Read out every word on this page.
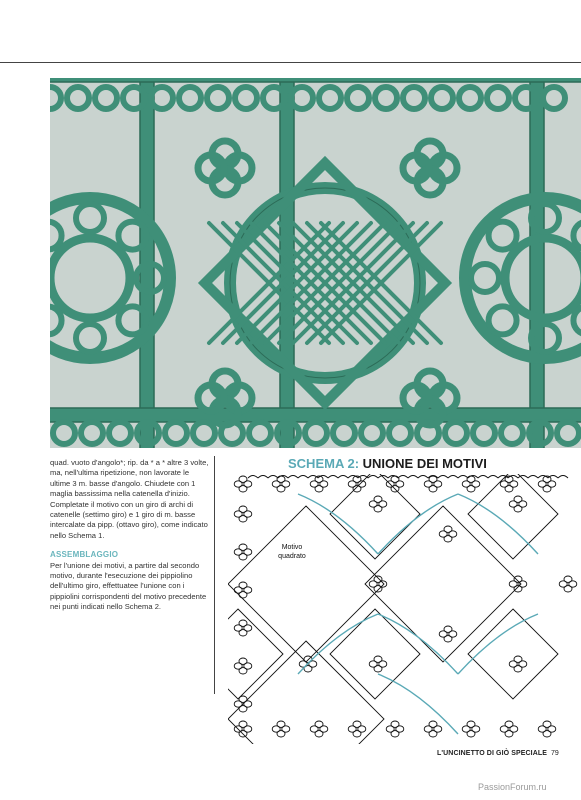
quad. vuoto d'angolo*; rip. da * a * altre 3 volte, ma, nell'ultima ripetizione, non lavorate le ultime 3 m. basse d'angolo. Chiudete con 1 maglia bassissima nella catenella d'inizio.

Completate il motivo con un giro di archi di catenelle (settimo giro) e 1 giro di m. basse intercalate da pipp. (ottavo giro), come indicato nello Schema 1.

ASSEMBLAGGIO

Per l'unione dei motivi, a partire dal secondo motivo, durante l'esecuzione dei pippiolino dell'ultimo giro, effettuatee l'unione con i pippiolini corrispondenti del motivo precedente nei punti indicati nello Schema 2.

SCHEMA 2: UNIONE DEI MOTIVI
Motivo
quadrato
L'UNCINETTO DI GIÒ SPECIALE 79
PassionForum.ru
